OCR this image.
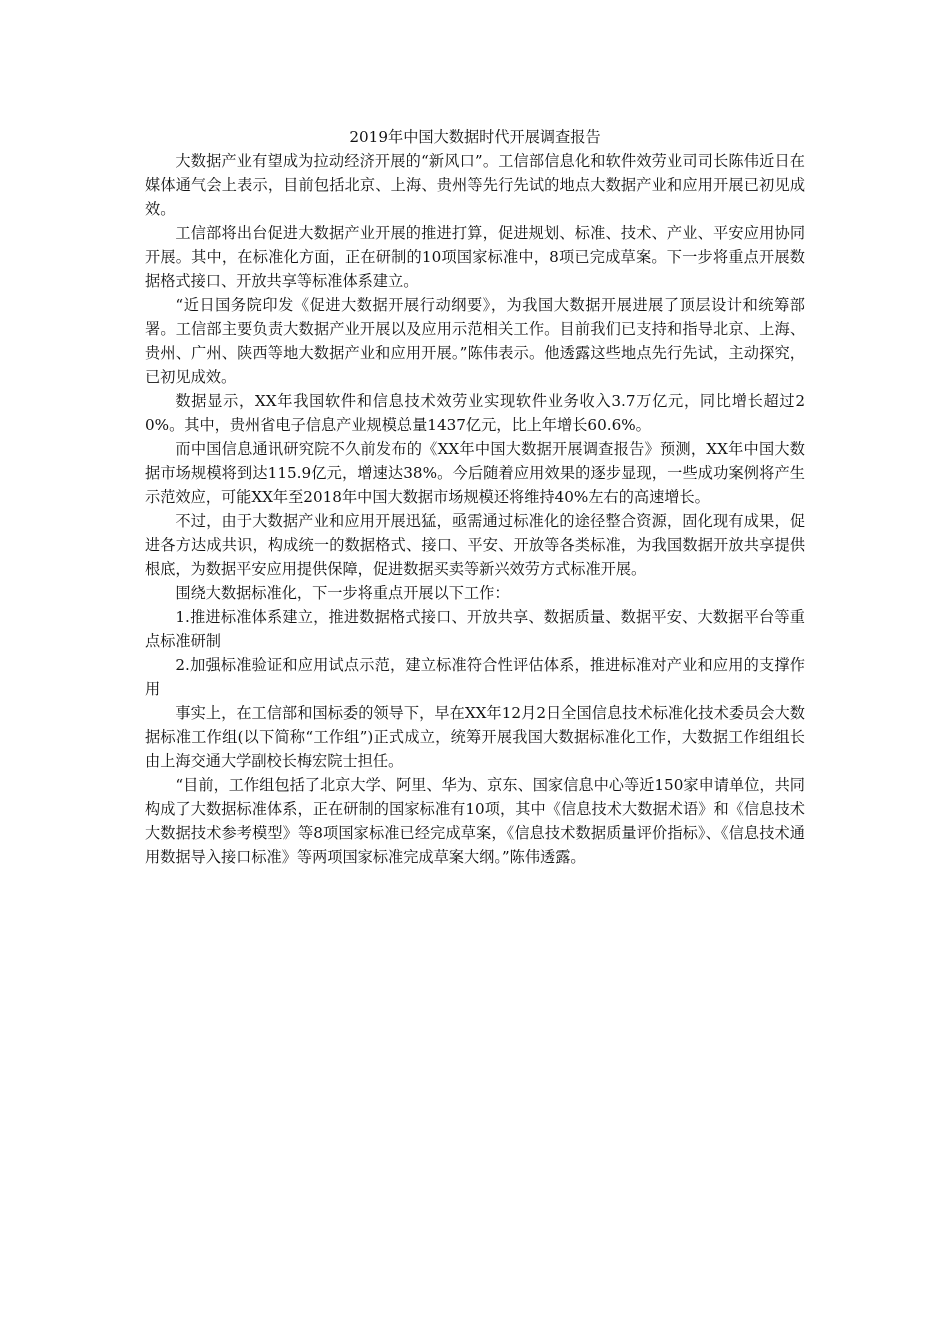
2019年中国大数据时代开展调查报告

大数据产业有望成为拉动经济开展的“新风口”。工信部信息化和软件效劳业司司长陈伟近日在媒体通气会上表示，目前包括北京、上海、贵州等先行先试的地点大数据产业和应用开展已初见成效。

工信部将出台促进大数据产业开展的推进打算，促进规划、标准、技术、产业、平安应用协同开展。其中，在标准化方面，正在研制的10项国家标准中，8项已完成草案。下一步将重点开展数据格式接口、开放共享等标准体系建立。

“近日国务院印发《促进大数据开展行动纲要》，为我国大数据开展进展了顶层设计和统筹部署。工信部主要负责大数据产业开展以及应用示范相关工作。目前我们已支持和指导北京、上海、贵州、广州、陕西等地大数据产业和应用开展。”陈伟表示。他透露这些地点先行先试，主动探究，已初见成效。

数据显示，XX年我国软件和信息技术效劳业实现软件业务收入3.7万亿元，同比增长超过20%。其中，贵州省电子信息产业规模总量1437亿元，比上年增长60.6%。

而中国信息通讯研究院不久前发布的《XX年中国大数据开展调查报告》预测，XX年中国大数据市场规模将到达115.9亿元，增速达38%。今后随着应用效果的逐步显现，一些成功案例将产生示范效应，可能XX年至2018年中国大数据市场规模还将维持40%左右的高速增长。

不过，由于大数据产业和应用开展迅猛，亟需通过标准化的途径整合资源，固化现有成果，促进各方达成共识，构成统一的数据格式、接口、平安、开放等各类标准，为我国数据开放共享提供根底，为数据平安应用提供保障，促进数据买卖等新兴效劳方式标准开展。

围绕大数据标准化，下一步将重点开展以下工作：

1.推进标准体系建立，推进数据格式接口、开放共享、数据质量、数据平安、大数据平台等重点标准研制

2.加强标准验证和应用试点示范，建立标准符合性评估体系，推进标准对产业和应用的支撑作用

事实上，在工信部和国标委的领导下，早在XX年12月2日全国信息技术标准化技术委员会大数据标准工作组(以下简称“工作组”)正式成立，统筹开展我国大数据标准化工作，大数据工作组组长由上海交通大学副校长梅宏院士担任。

“目前，工作组包括了北京大学、阿里、华为、京东、国家信息中心等近150家申请单位，共同构成了大数据标准体系，正在研制的国家标准有10项，其中《信息技术大数据术语》和《信息技术大数据技术参考模型》等8项国家标准已经完成草案，《信息技术数据质量评价指标》、《信息技术通用数据导入接口标准》等两项国家标准完成草案大纲。”陈伟透露。
